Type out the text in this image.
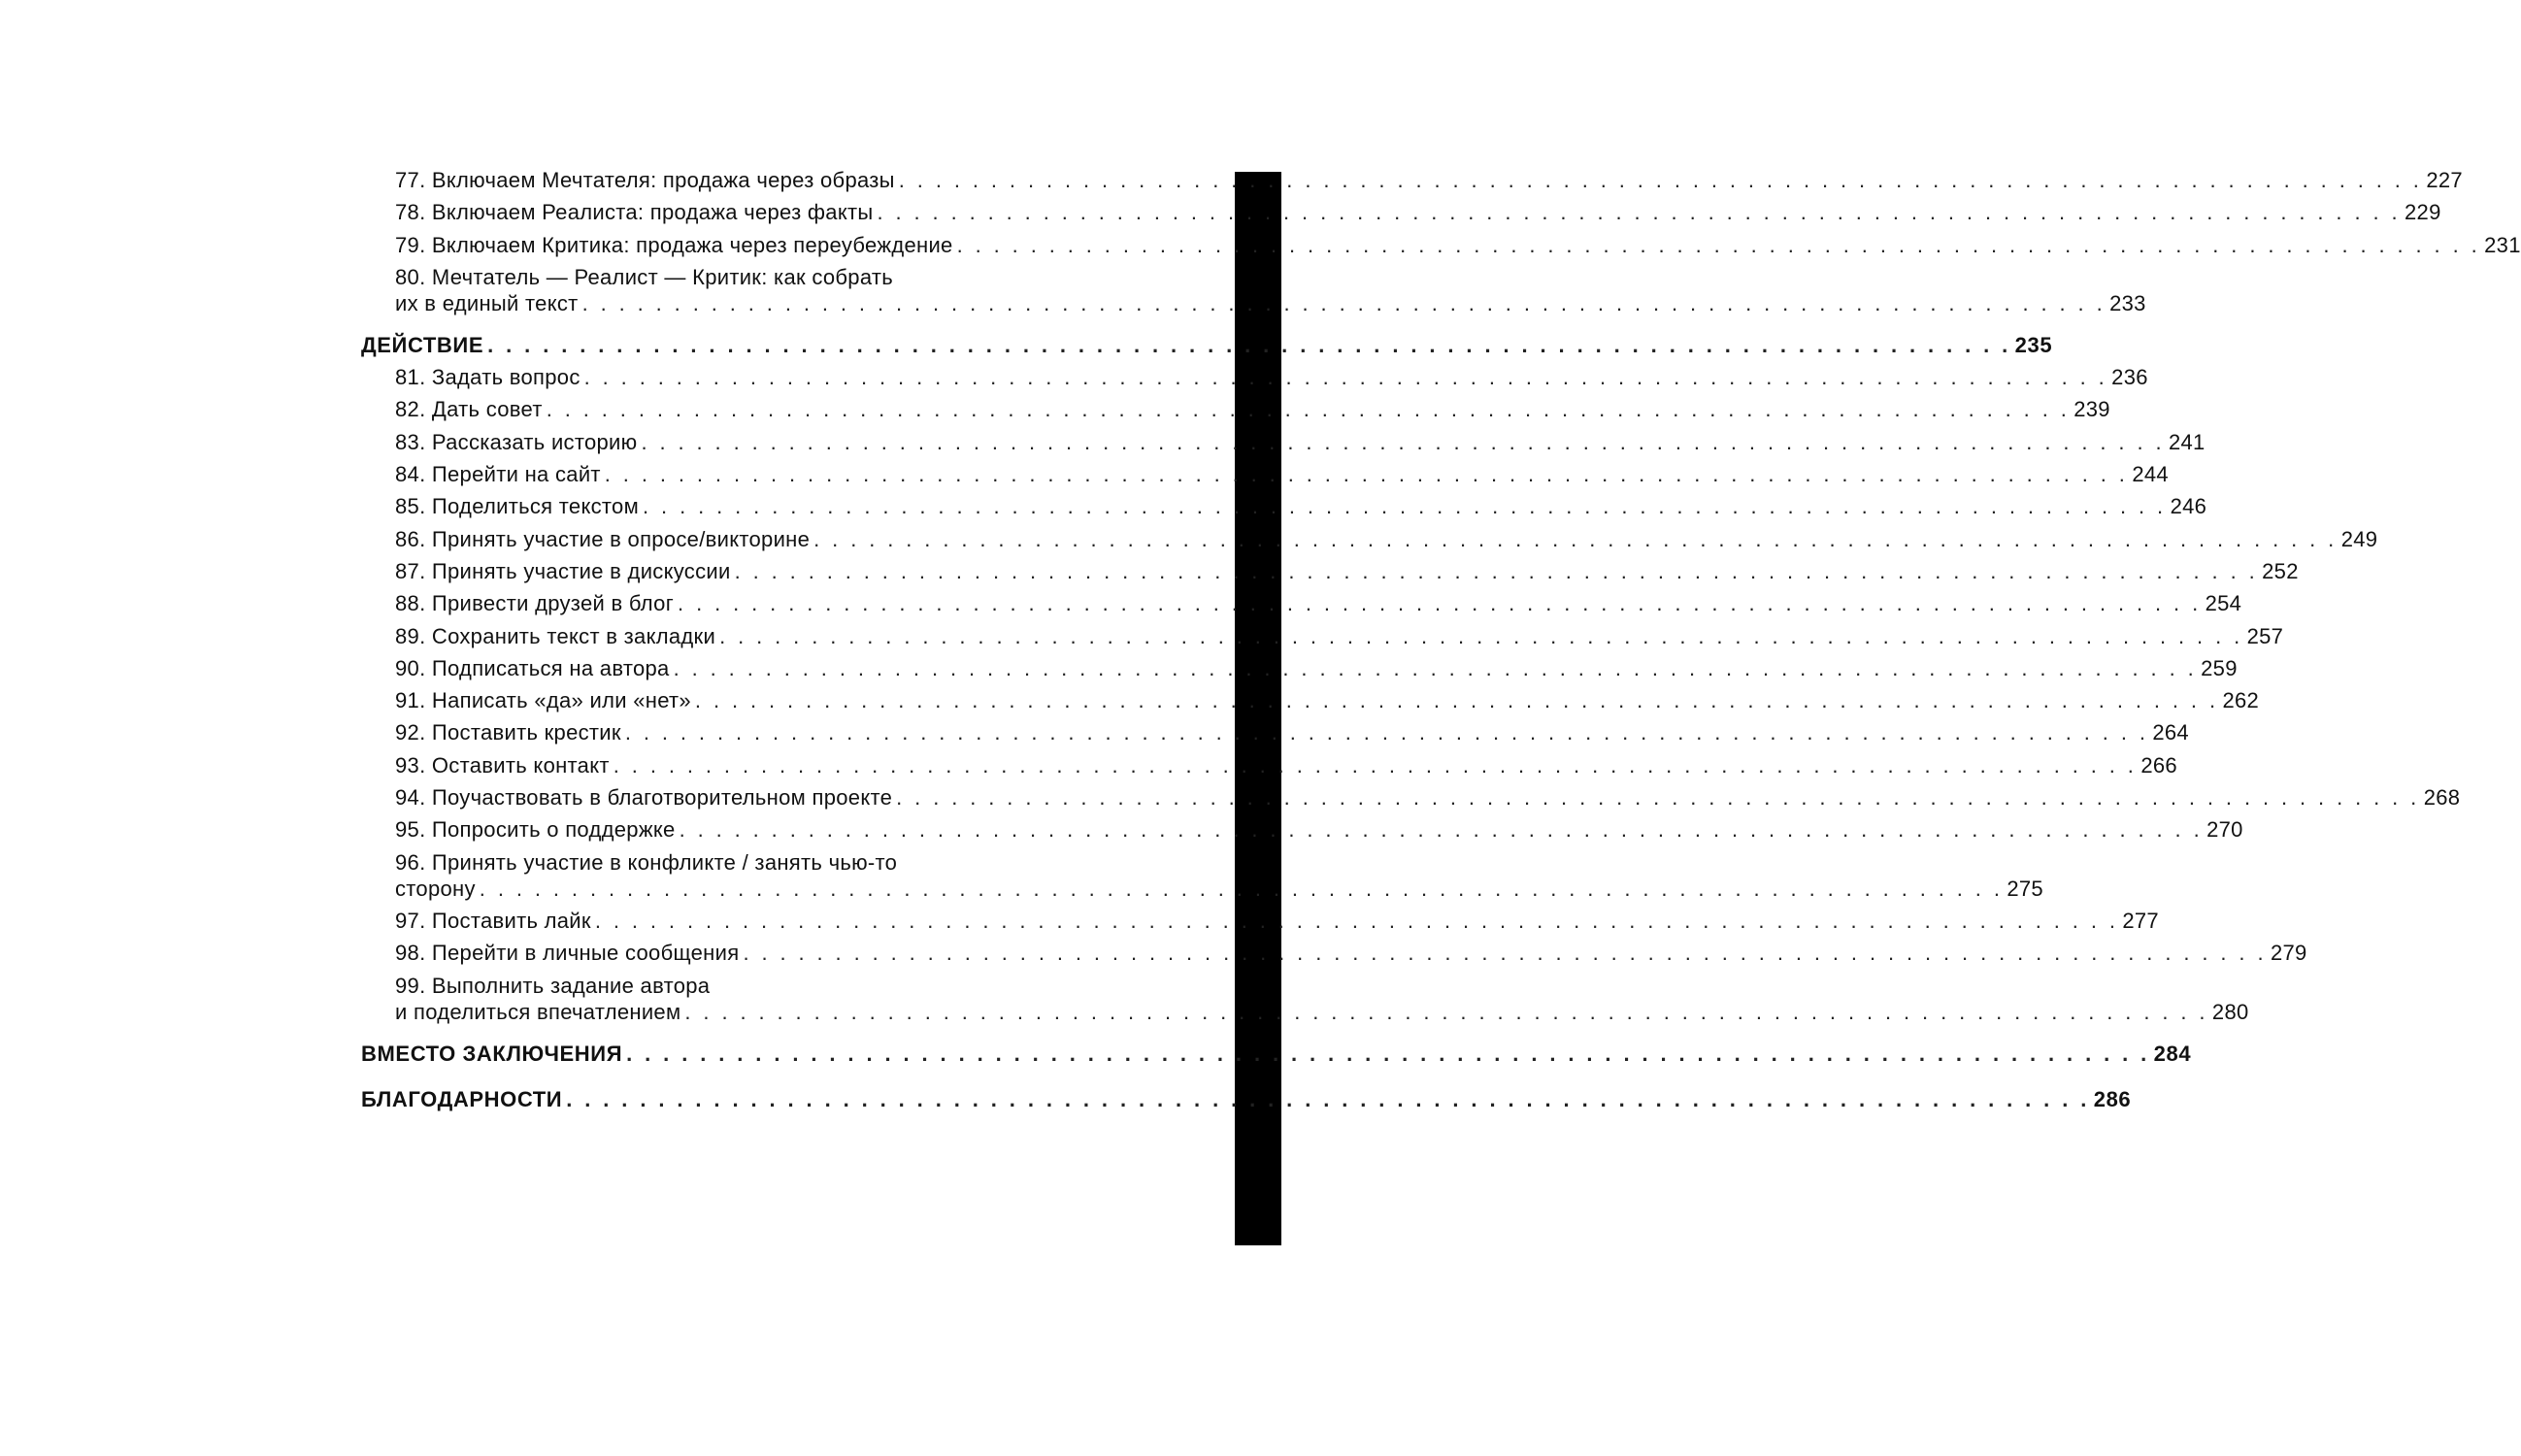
77. Включаем Мечтателя: продажа через образы . . . . . . . . . . . . . . . . . . . . . . . . . . . . . . . . . . . . . . . . . . . . . . . . . . . . . . . . . . . . . . . . . . . . . . . . . . . . . . . . . . . 227
78. Включаем Реалиста: продажа через факты . . . . . . . . . . . . . . . . . . . . . . . . . . . . . . . . . . . . . . . . . . . . . . . . . . . . . . . . . . . . . . . . . . . . . . . . . . . . . . . . . . . 229
79. Включаем Критика: продажа через переубеждение . . . . . . . . . . . . . . . . . . . . . . . . . . . . . . . . . . . . . . . . . . . . . . . . . . . . . . . . . . . . . . . . . . . . . . . . . . . . . . . . . . . 231
80. Мечтатель — Реалист — Критик: как собрать
их в единый текст . . . . . . . . . . . . . . . . . . . . . . . . . . . . . . . . . . . . . . . . . . . . . . . . . . . . . . . . . . . . . . . . . . . . . . . . . . . . . . . . . . . 233
ДЕЙСТВИЕ . . . . . . . . . . . . . . . . . . . . . . . . . . . . . . . . . . . . . . . . . . . . . . . . . . . . . . . . . . . . . . . . . . . . . . . . . . . . . . . . . . . 235
81. Задать вопрос . . . . . . . . . . . . . . . . . . . . . . . . . . . . . . . . . . . . . . . . . . . . . . . . . . . . . . . . . . . . . . . . . . . . . . . . . . . . . . . . . . . 236
82. Дать совет . . . . . . . . . . . . . . . . . . . . . . . . . . . . . . . . . . . . . . . . . . . . . . . . . . . . . . . . . . . . . . . . . . . . . . . . . . . . . . . . . . . 239
83. Рассказать историю . . . . . . . . . . . . . . . . . . . . . . . . . . . . . . . . . . . . . . . . . . . . . . . . . . . . . . . . . . . . . . . . . . . . . . . . . . . . . . . . . . . 241
84. Перейти на сайт . . . . . . . . . . . . . . . . . . . . . . . . . . . . . . . . . . . . . . . . . . . . . . . . . . . . . . . . . . . . . . . . . . . . . . . . . . . . . . . . . . . 244
85. Поделиться текстом . . . . . . . . . . . . . . . . . . . . . . . . . . . . . . . . . . . . . . . . . . . . . . . . . . . . . . . . . . . . . . . . . . . . . . . . . . . . . . . . . . . 246
86. Принять участие в опросе/викторине . . . . . . . . . . . . . . . . . . . . . . . . . . . . . . . . . . . . . . . . . . . . . . . . . . . . . . . . . . . . . . . . . . . . . . . . . . . . . . . . . . . 249
87. Принять участие в дискуссии . . . . . . . . . . . . . . . . . . . . . . . . . . . . . . . . . . . . . . . . . . . . . . . . . . . . . . . . . . . . . . . . . . . . . . . . . . . . . . . . . . . 252
88. Привести друзей в блог . . . . . . . . . . . . . . . . . . . . . . . . . . . . . . . . . . . . . . . . . . . . . . . . . . . . . . . . . . . . . . . . . . . . . . . . . . . . . . . . . . . 254
89. Сохранить текст в закладки . . . . . . . . . . . . . . . . . . . . . . . . . . . . . . . . . . . . . . . . . . . . . . . . . . . . . . . . . . . . . . . . . . . . . . . . . . . . . . . . . . . 257
90. Подписаться на автора . . . . . . . . . . . . . . . . . . . . . . . . . . . . . . . . . . . . . . . . . . . . . . . . . . . . . . . . . . . . . . . . . . . . . . . . . . . . . . . . . . . 259
91. Написать «да» или «нет» . . . . . . . . . . . . . . . . . . . . . . . . . . . . . . . . . . . . . . . . . . . . . . . . . . . . . . . . . . . . . . . . . . . . . . . . . . . . . . . . . . . 262
92. Поставить крестик . . . . . . . . . . . . . . . . . . . . . . . . . . . . . . . . . . . . . . . . . . . . . . . . . . . . . . . . . . . . . . . . . . . . . . . . . . . . . . . . . . . 264
93. Оставить контакт . . . . . . . . . . . . . . . . . . . . . . . . . . . . . . . . . . . . . . . . . . . . . . . . . . . . . . . . . . . . . . . . . . . . . . . . . . . . . . . . . . . 266
94. Поучаствовать в благотворительном проекте . . . . . . . . . . . . . . . . . . . . . . . . . . . . . . . . . . . . . . . . . . . . . . . . . . . . . . . . . . . . . . . . . . . . . . . . . . . . . . . . . . . 268
95. Попросить о поддержке . . . . . . . . . . . . . . . . . . . . . . . . . . . . . . . . . . . . . . . . . . . . . . . . . . . . . . . . . . . . . . . . . . . . . . . . . . . . . . . . . . . 270
96. Принять участие в конфликте / занять чью-то
сторону . . . . . . . . . . . . . . . . . . . . . . . . . . . . . . . . . . . . . . . . . . . . . . . . . . . . . . . . . . . . . . . . . . . . . . . . . . . . . . . . . . . 275
97. Поставить лайк . . . . . . . . . . . . . . . . . . . . . . . . . . . . . . . . . . . . . . . . . . . . . . . . . . . . . . . . . . . . . . . . . . . . . . . . . . . . . . . . . . . 277
98. Перейти в личные сообщения . . . . . . . . . . . . . . . . . . . . . . . . . . . . . . . . . . . . . . . . . . . . . . . . . . . . . . . . . . . . . . . . . . . . . . . . . . . . . . . . . . . 279
99. Выполнить задание автора
и поделиться впечатлением . . . . . . . . . . . . . . . . . . . . . . . . . . . . . . . . . . . . . . . . . . . . . . . . . . . . . . . . . . . . . . . . . . . . . . . . . . . . . . . . . . . 280
ВМЕСТО ЗАКЛЮЧЕНИЯ . . . . . . . . . . . . . . . . . . . . . . . . . . . . . . . . . . . . . . . . . . . . . . . . . . . . . . . . . . . . . . . . . . . . . . . . . . . . . . . . . . . 284
БЛАГОДАРНОСТИ . . . . . . . . . . . . . . . . . . . . . . . . . . . . . . . . . . . . . . . . . . . . . . . . . . . . . . . . . . . . . . . . . . . . . . . . . . . . . . . . . . . 286
